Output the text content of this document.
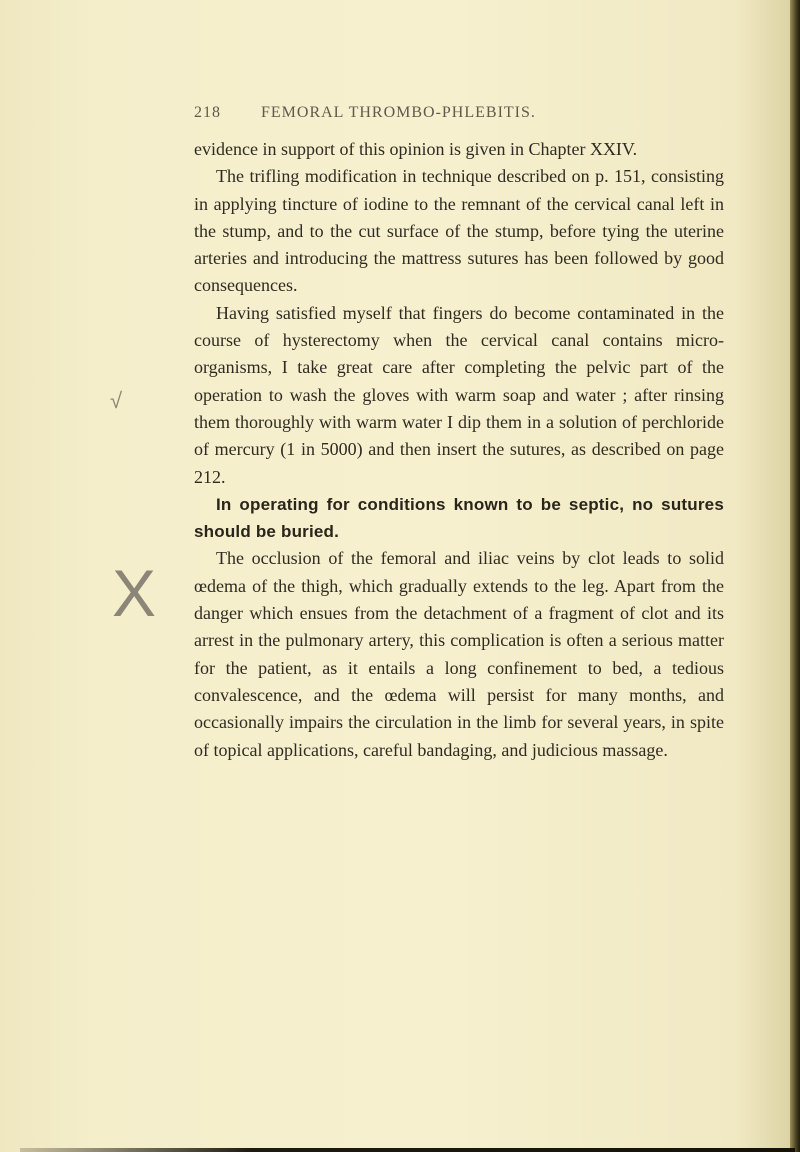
218	FEMORAL THROMBO-PHLEBITIS.

evidence in support of this opinion is given in Chapter XXIV.

The trifling modification in technique described on p. 151, consisting in applying tincture of iodine to the remnant of the cervical canal left in the stump, and to the cut surface of the stump, before tying the uterine arteries and introducing the mattress sutures has been followed by good consequences.

Having satisfied myself that fingers do become contaminated in the course of hysterectomy when the cervical canal contains micro-organisms, I take great care after completing the pelvic part of the operation to wash the gloves with warm soap and water ; after rinsing them thoroughly with warm water I dip them in a solution of perchloride of mercury (1 in 5000) and then insert the sutures, as described on page 212.

In operating for conditions known to be septic, no sutures should be buried.

The occlusion of the femoral and iliac veins by clot leads to solid œdema of the thigh, which gradually extends to the leg. Apart from the danger which ensues from the detachment of a fragment of clot and its arrest in the pulmonary artery, this complication is often a serious matter for the patient, as it entails a long confinement to bed, a tedious convalescence, and the œdema will persist for many months, and occasionally impairs the circulation in the limb for several years, in spite of topical applications, careful bandaging, and judicious massage.

√
X
